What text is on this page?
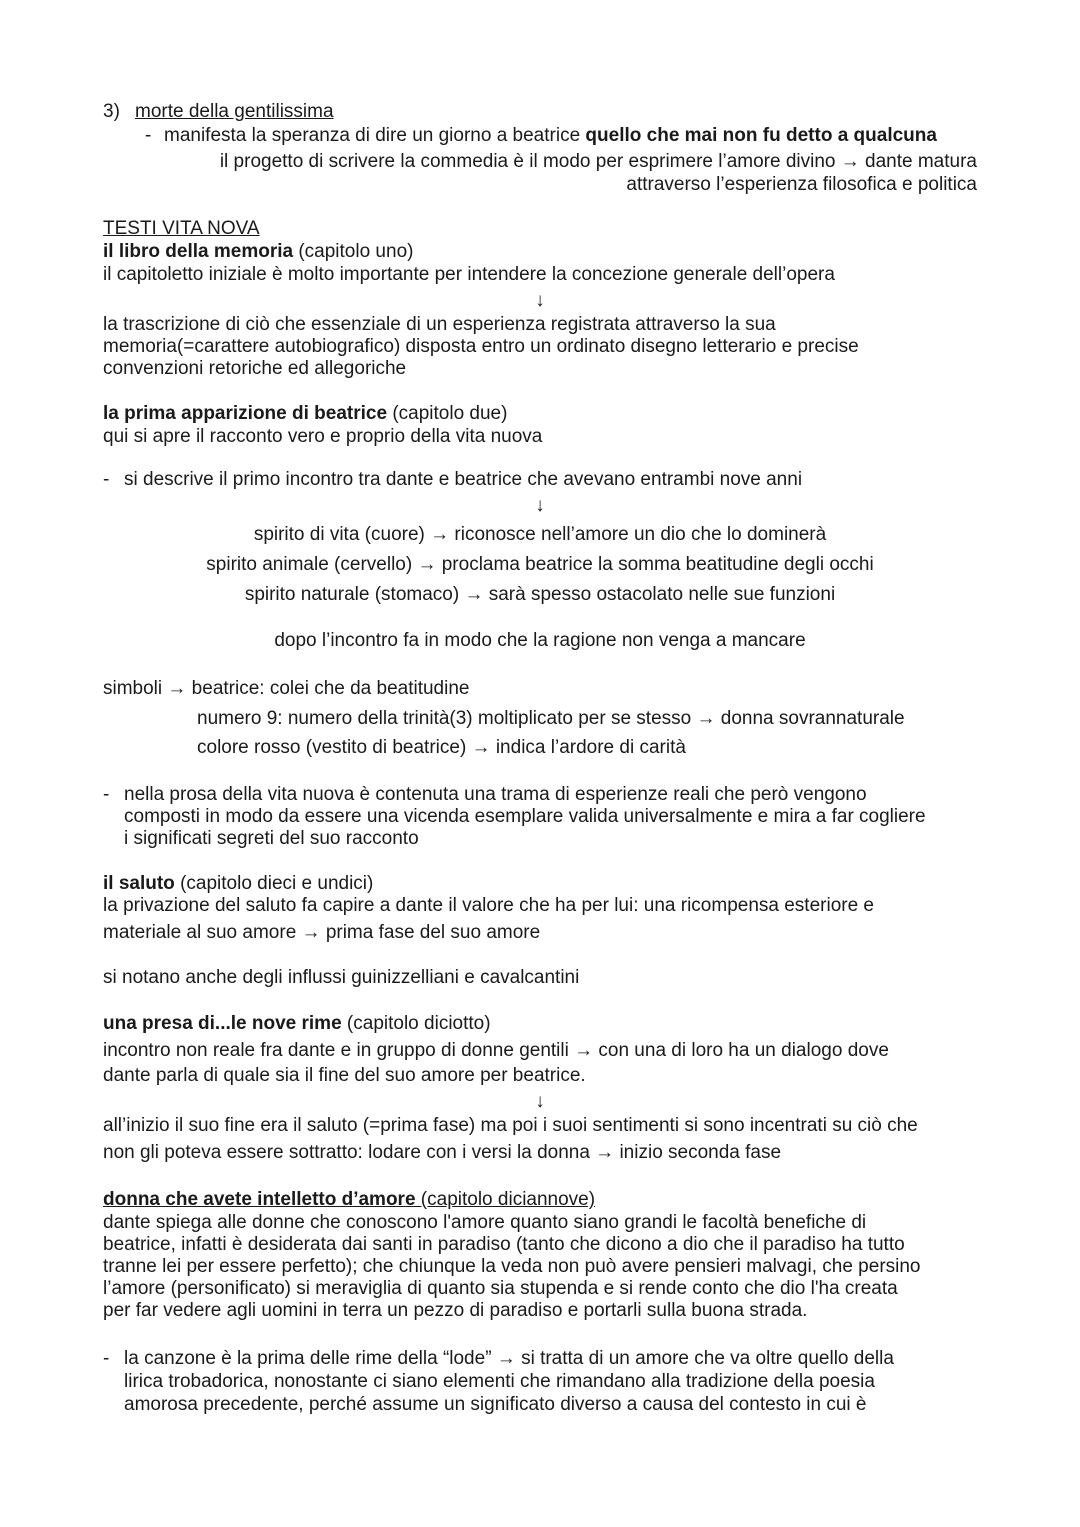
3) morte della gentilissima
- manifesta la speranza di dire un giorno a beatrice quello che mai non fu detto a qualcuna
il progetto di scrivere la commedia è il modo per esprimere l’amore divino → dante matura
attraverso l’esperienza filosofica e politica
TESTI VITA NOVA
il libro della memoria (capitolo uno)
il capitoletto iniziale è molto importante per intendere la concezione generale dell’opera
↓
la trascrizione di ciò che essenziale di un esperienza registrata attraverso la sua
memoria(=carattere autobiografico) disposta entro un ordinato disegno letterario e precise
convenzioni retoriche ed allegoriche
la prima apparizione di beatrice (capitolo due)
qui si apre il racconto vero e proprio della vita nuova
- si descrive il primo incontro tra dante e beatrice che avevano entrambi nove anni
↓
spirito di vita (cuore) → riconosce nell’amore un dio che lo dominerà
spirito animale (cervello) → proclama beatrice la somma beatitudine degli occhi
spirito naturale (stomaco) → sarà spesso ostacolato nelle sue funzioni
dopo l’incontro fa in modo che la ragione non venga a mancare
simboli → beatrice: colei che da beatitudine
numero 9: numero della trinità(3) moltiplicato per se stesso → donna sovrannaturale
colore rosso (vestito di beatrice) → indica l’ardore di carità
- nella prosa della vita nuova è contenuta una trama di esperienze reali che però vengono
composti in modo da essere una vicenda esemplare valida universalmente e mira a far cogliere
i significati segreti del suo racconto
il saluto (capitolo dieci e undici)
la privazione del saluto fa capire a dante il valore che ha per lui: una ricompensa esteriore e
materiale al suo amore → prima fase del suo amore
si notano anche degli influssi guinizzelliani e cavalcantini
una presa di...le nove rime (capitolo diciotto)
incontro non reale fra dante e in gruppo di donne gentili → con una di loro ha un dialogo dove
dante parla di quale sia il fine del suo amore per beatrice.
↓
all’inizio il suo fine era il saluto (=prima fase) ma poi i suoi sentimenti si sono incentrati su ciò che
non gli poteva essere sottratto: lodare con i versi la donna → inizio seconda fase
donna che avete intelletto d’amore (capitolo diciannove)
dante spiega alle donne che conoscono l'amore quanto siano grandi le facoltà benefiche di
beatrice, infatti è desiderata dai santi in paradiso (tanto che dicono a dio che il paradiso ha tutto
tranne lei per essere perfetto); che chiunque la veda non può avere pensieri malvagi, che persino
l’amore (personificato) si meraviglia di quanto sia stupenda e si rende conto che dio l'ha creata
per far vedere agli uomini in terra un pezzo di paradiso e portarli sulla buona strada.
- la canzone è la prima delle rime della “lode” → si tratta di un amore che va oltre quello della
lirica trobadorica, nonostante ci siano elementi che rimandano alla tradizione della poesia
amorosa precedente, perché assume un significato diverso a causa del contesto in cui è
